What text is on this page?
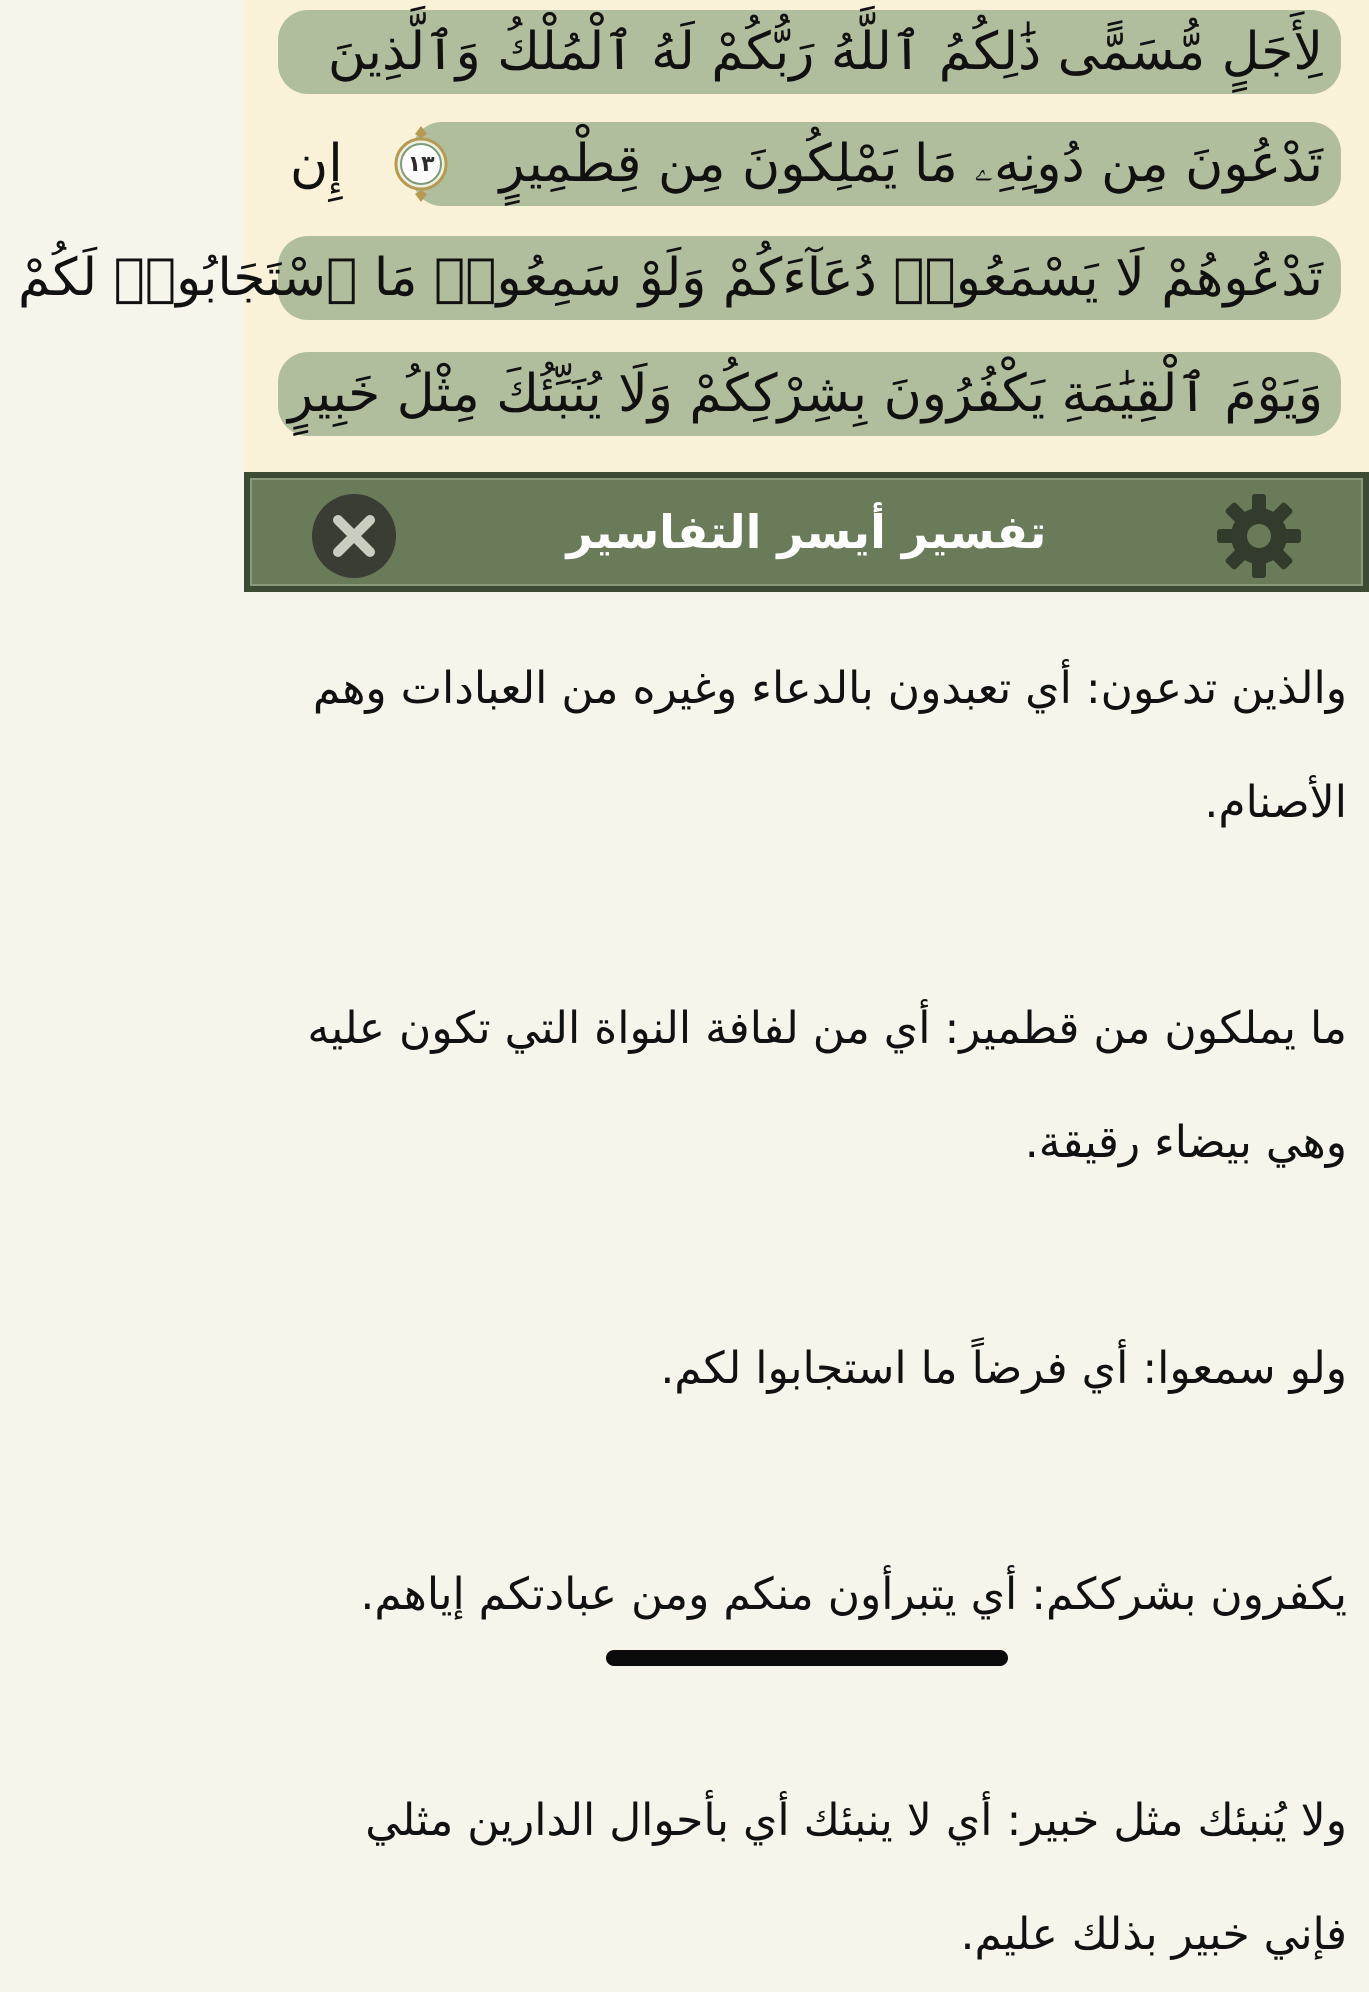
لِأَجَلٍ مُّسَمًّى ذَٰلِكُمُ ٱللَّهُ رَبُّكُمْ لَهُ ٱلْمُلْكُ وَٱلَّذِينَ
تَدْعُونَ مِن دُونِهِۦ مَا يَمْلِكُونَ مِن قِطْمِيرٍ
١٣
إِن
تَدْعُوهُمْ لَا يَسْمَعُوا۟ دُعَآءَكُمْ وَلَوْ سَمِعُوا۟ مَا ٱسْتَجَابُوا۟ لَكُمْ
وَيَوْمَ ٱلْقِيَٰمَةِ يَكْفُرُونَ بِشِرْكِكُمْ وَلَا يُنَبِّئُكَ مِثْلُ خَبِيرٍ
تفسير أيسر التفاسير

والذين تدعون: أي تعبدون بالدعاء وغيره من العبادات وهم الأصنام.

ما يملكون من قطمير: أي من لفافة النواة التي تكون عليه وهي بيضاء رقيقة.

ولو سمعوا: أي فرضاً ما استجابوا لكم.

يكفرون بشرككم: أي يتبرأون منكم ومن عبادتكم إياهم.

ولا يُنبئك مثل خبير: أي لا ينبئك أي بأحوال الدارين مثلي فإني خبير بذلك عليم.
